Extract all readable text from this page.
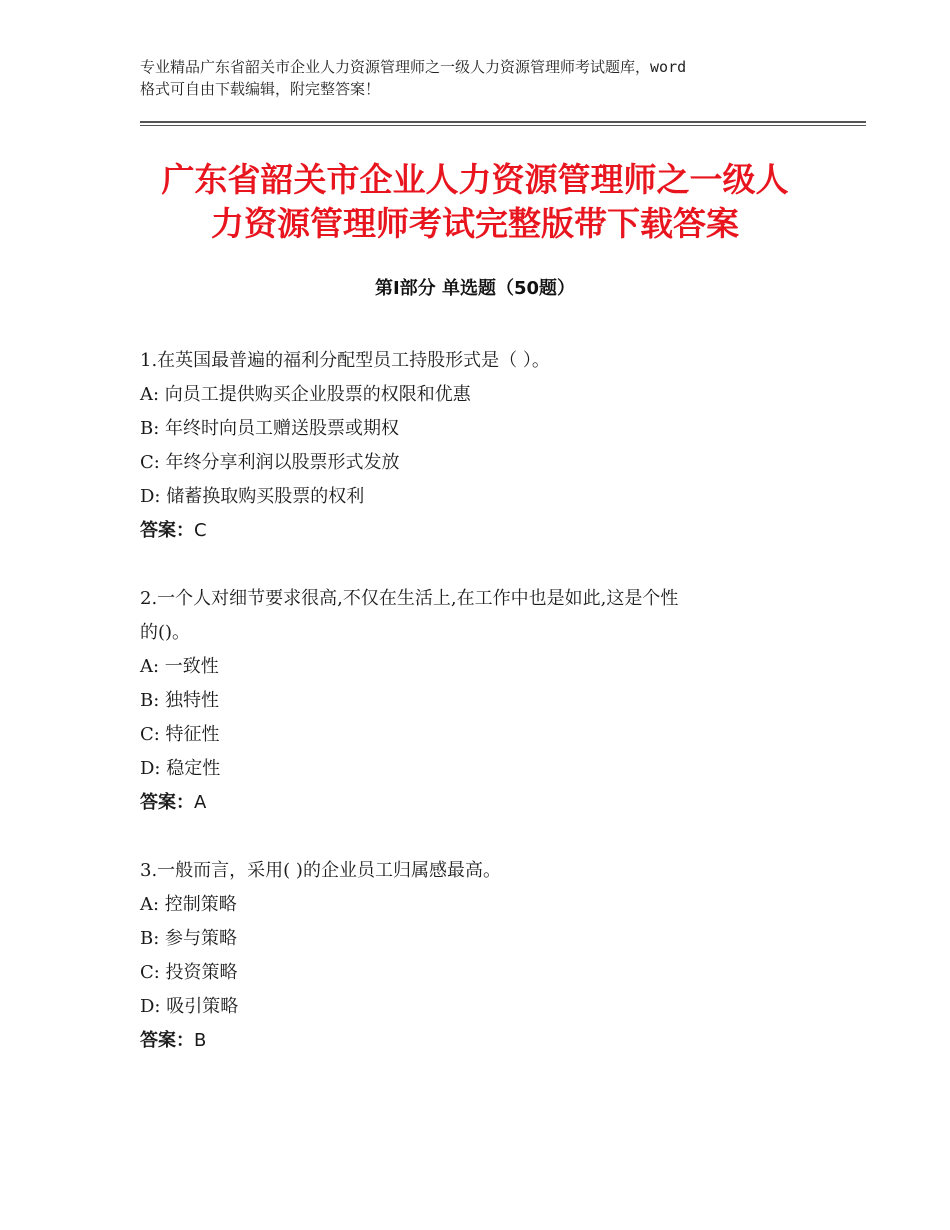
专业精品广东省韶关市企业人力资源管理师之一级人力资源管理师考试题库，word
格式可自由下载编辑，附完整答案！
广东省韶关市企业人力资源管理师之一级人
力资源管理师考试完整版带下载答案
第Ⅰ部分 单选题（50题）
1.在英国最普遍的福利分配型员工持股形式是（ ）。
A: 向员工提供购买企业股票的权限和优惠
B: 年终时向员工赠送股票或期权
C: 年终分享利润以股票形式发放
D: 储蓄换取购买股票的权利
答案：C
2.一个人对细节要求很高,不仅在生活上,在工作中也是如此,这是个性
的()。
A: 一致性
B: 独特性
C: 特征性
D: 稳定性
答案：A
3.一般而言，采用( )的企业员工归属感最高。
A: 控制策略
B: 参与策略
C: 投资策略
D: 吸引策略
答案：B
